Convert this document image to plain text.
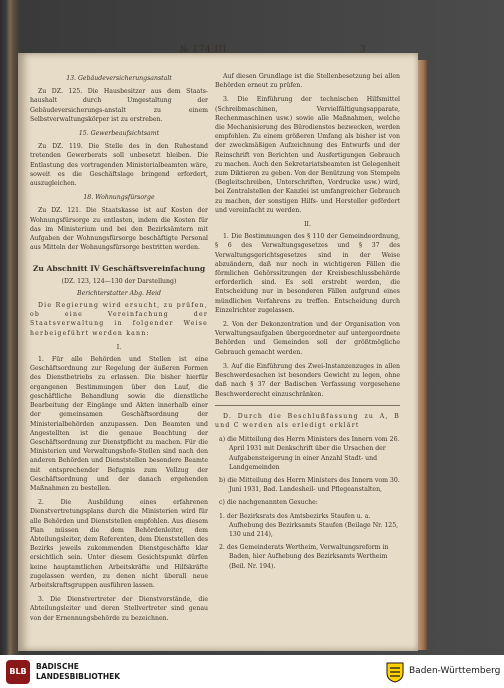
№ 174 III	3
13. Gebäudeversicherungsanstalt

Zu DZ. 125. Die Hausbesitzer aus dem Staats-haushalt durch Umgestaltung der Gebäudeversicherungs-anstalt zu einem Selbstverwaltungskörper ist zu erstreben.

15. Gewerbeaufsichtsamt

Zu DZ. 119. Die Stelle des in den Ruhestand tretenden Gewerberats soll unbesetzt bleiben. Die Entlastung des vortragenden Ministerialbeamten wäre, soweit es die Geschäftslage bringend erfordert, auszugleichen.

18. Wohnungsfürsorge

Zu DZ. 121. Die Staatskasse ist auf Kosten der Wohnungsfürsorge zu entlasten, indem die Kosten für das im Ministerium und bei den Bezirksämtern mit Aufgaben der Wohnungsfürsorge beschäftigte Personal aus Mitteln der Wohnungsfürsorge bestritten werden.

Zu Abschnitt IV Geschäftsvereinfachung
(DZ. 123, 124—130 der Darstellung)
Berichterstatter Abg. Heid

Die Regierung wird ersucht, zu prüfen, ob eine Vereinfachung der Staatsverwaltung in folgender Weise herbeigeführt werden kann:

I.

1. Für alle Behörden und Stellen ist eine Geschäftsordnung zur Regelung der äußeren Formen des Dienstbetriebs zu erlassen. Die bisher hierfür ergangenen Bestimmungen über den Lauf, die geschäftliche Behandlung sowie die dienstliche Bearbeitung der Eingänge und Akten innerhalb einer der gemeinsamen Geschäftsordnung der Ministerialbehörden anzupassen. Den Beamten und Angestellten ist die genaue Beachtung der Geschäftsordnung zur Dienstpflicht zu machen. Für die Ministerien und Verwaltungshofe-Stellen sind nach den anderen Behörden und Dienststellen besondere Beamte mit entsprechender Befugnis zum Vollzug der Geschäftsordnung und der danach ergehenden Maßnahmen zu bestellen.

2. Die Ausbildung eines erfahrenen Dienstvertretungsplans durch die Ministerien wird für alle Behörden und Dienststellen empfohlen. Aus diesem Plan müssen die dem Behördenleiter, dem Abteilungsleiter, dem Referenten, dem Dienststellen des Bezirks jeweils zukommenden Dienstgeschäfte klar ersichtlich sein. Unter diesem Gesichtspunkt dürfen keine hauptamtlichen Arbeitskräfte und Hilfskräfte zugelassen werden, zu denen nicht überall neue Arbeitskraftsgruppen ausführen lassen.

3. Die Dienstvertreter der Dienstvorstände, die Abteilungsleiter und deren Stellvertreter sind genau von der Ernennungsbehörde zu bezeichnen.

Auf diesen Grundlage ist die Stellenbesetzung bei allen Behörden erneut zu prüfen.

3. Die Einführung der technischen Hilfsmittel (Schreibmaschinen, Vervielfältigungsapparate, Rechenmaschinen usw.) sowie alle Maßnahmen, welche die Mechanisierung des Bürodienstes bezwecken, werden empfohlen. Zu einem größeren Umfang als bisher ist von der zweckmäßigen Aufzeichnung des Entwurfs und der Reinschrift von Berichten und Ausfertigungen Gebrauch zu machen. Auch den Sekretariatsbeamten ist Gelegenheit zum Diktieren zu geben. Von der Benützung von Stempeln (Begleitschreiben, Unterschriften, Vordrucke usw.) wird, bei Zentralstellen der Kanzlei ist umfangreicher Gebrauch zu machen, der sonstigen Hilfs- und Hersteller gefördert und vereinfacht zu werden.

II.

1. Die Bestimmungen des § 110 der Gemeindeordnung, § 6 des Verwaltungsgesetzes und § 37 des Verwaltungsgerichtsgesetzes sind in der Weise abzuändern, daß nur noch in wichtigeren Fällen die förmlichen Gehörssitzungen der Kreisbeschlussbehörde erforderlich sind. Es soll erstrebt werden, die Entscheidung nur in besonderen Fällen aufgrund eines mündlichen Verfahrens zu treffen. Entscheidung durch Einzelrichter zugelassen.

2. Von der Dekonzentration und der Organisation von Verwaltungsaufgaben übergeordneter auf untergeordnete Behörden und Gemeinden soll der größtmögliche Gebrauch gemacht werden.

3. Auf die Einführung des Zwei-Instanzenzuges in allen Beschwerdesachen ist besonders Gewicht zu legen, ohne daß nach § 37 der Badischen Verfassung vorgesehene Beschwerderecht einzuschränken.

D. Durch die Beschlußfassung zu A, B und C werden als erledigt erklärt

a) die Mitteilung des Herrn Ministers des Innern vom 26. April 1931 mit Denkschrift über die Ursachen der Aufgabensteigerung in einer Anzahl Stadt- und Landgemeinden
b) die Mitteilung des Herrn Ministers des Innern vom 30. Juni 1931, Bad. Landesheil- und Pflegeanstalten,
c) die nachgenannten Gesuche:
1. der Bezirksrats des Amtsbezirks Staufen u. a. Aufhebung des Bezirksamts Staufen (Beilage Nr. 125, 130 und 214),
2. des Gemeinderats Wertheim, Verwaltungsreform in Baden, hier Aufhebung des Bezirksamts Wertheim (Beil. Nr. 194).
BLB
BADISCHE
LANDESBIBLIOTHEK
Baden-Württemberg
